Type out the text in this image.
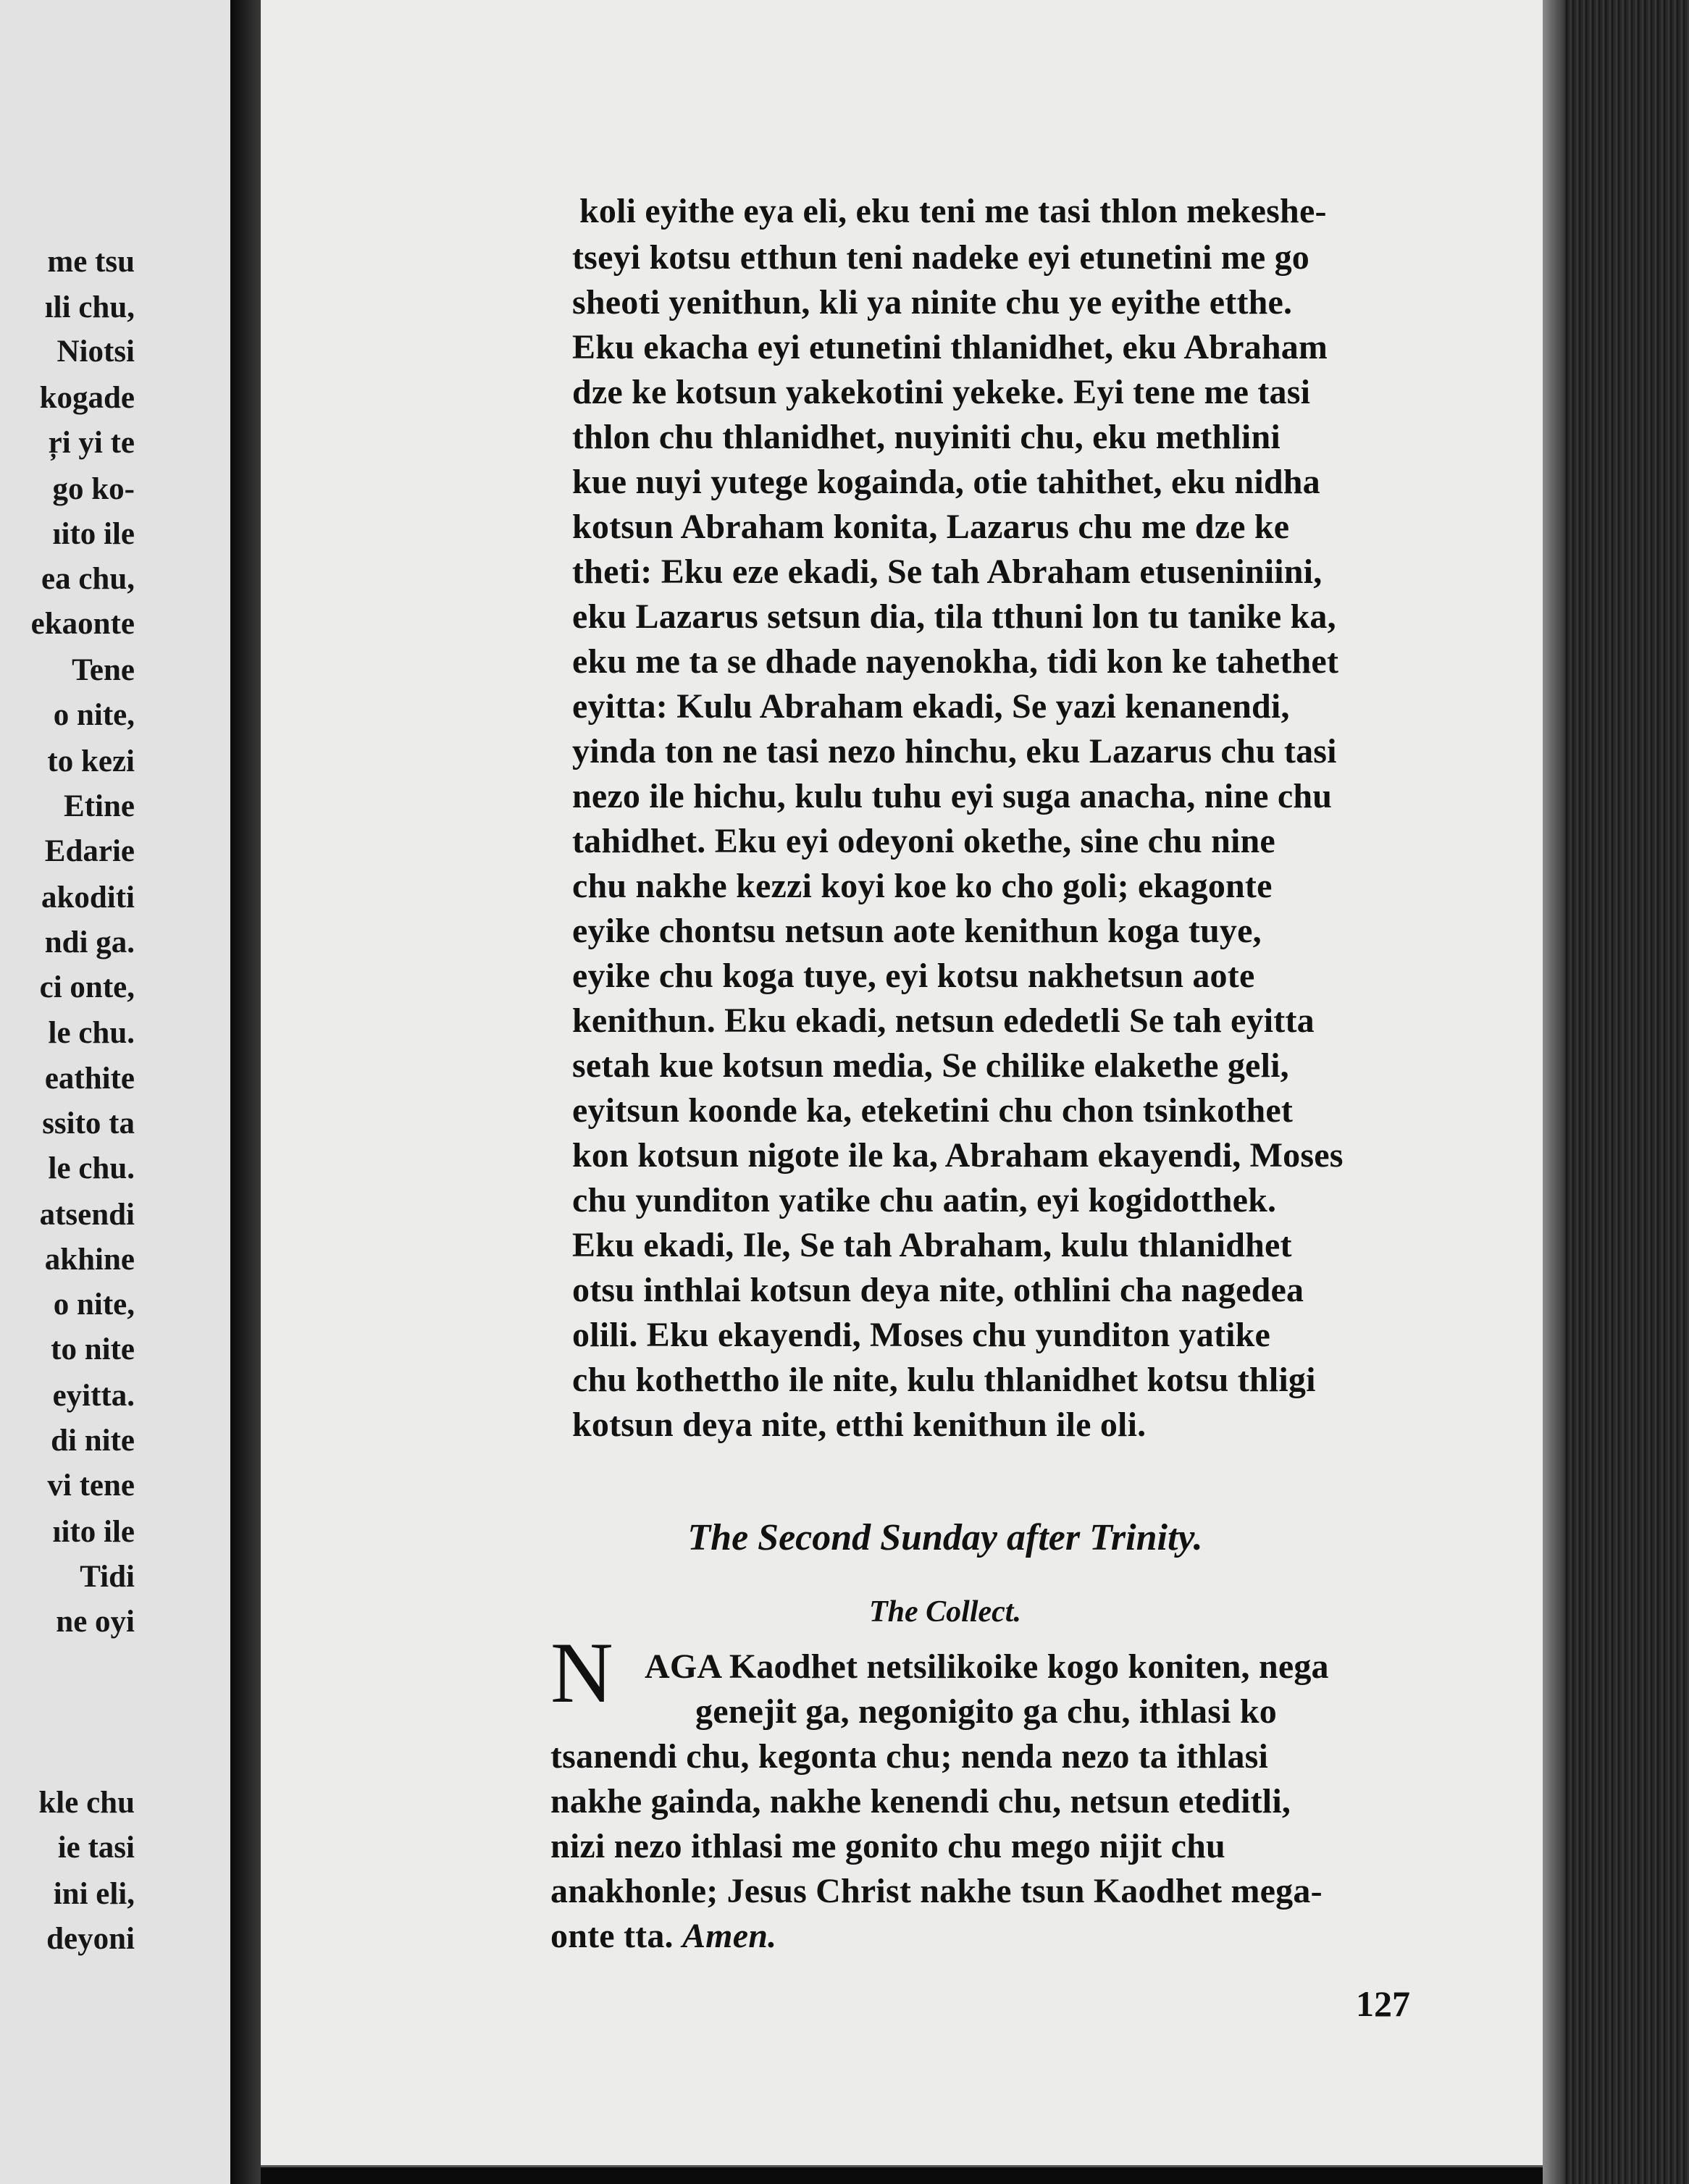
me tsu
ıli chu,
Niotsi
kogade
ŗi yi te
go ko-
ıito ile
ea chu,
ekaonte
Tene
o nite,
to kezi
Etine
Edarie
akoditi
ndi ga.
ci onte,
le chu.
eathite
ssito ta
le chu.
atsendi
akhine
o nite,
to nite
eyitta.
di nite
vi tene
ıito ile
Tidi
ne oyi
kle chu
ie tasi
ini eli,
deyoni
koli eyithe eya eli, eku teni me tasi thlon mekeshe-
tseyi kotsu etthun teni nadeke eyi etunetini me go
sheoti yenithun, kli ya ninite chu ye eyithe etthe.
Eku ekacha eyi etunetini thlanidhet, eku Abraham
dze ke kotsun yakekotini yekeke. Eyi tene me tasi
thlon chu thlanidhet, nuyiniti chu, eku methlini
kue nuyi yutege kogainda, otie tahithet, eku nidha
kotsun Abraham konita, Lazarus chu me dze ke
theti: Eku eze ekadi, Se tah Abraham etuseniniini,
eku Lazarus setsun dia, tila tthuni lon tu tanike ka,
eku me ta se dhade nayenokha, tidi kon ke tahethet
eyitta: Kulu Abraham ekadi, Se yazi kenanendi,
yinda ton ne tasi nezo hinchu, eku Lazarus chu tasi
nezo ile hichu, kulu tuhu eyi suga anacha, nine chu
tahidhet. Eku eyi odeyoni okethe, sine chu nine
chu nakhe kezzi koyi koe ko cho goli; ekagonte
eyike chontsu netsun aote kenithun koga tuye,
eyike chu koga tuye, eyi kotsu nakhetsun aote
kenithun. Eku ekadi, netsun ededetli Se tah eyitta
setah kue kotsun media, Se chilike elakethe geli,
eyitsun koonde ka, eteketini chu chon tsinkothet
kon kotsun nigote ile ka, Abraham ekayendi, Moses
chu yunditon yatike chu aatin, eyi kogidotthek.
Eku ekadi, Ile, Se tah Abraham, kulu thlanidhet
otsu inthlai kotsun deya nite, othlini cha nagedea
olili. Eku ekayendi, Moses chu yunditon yatike
chu kothettho ile nite, kulu thlanidhet kotsu thligi
kotsun deya nite, etthi kenithun ile oli.
The Second Sunday after Trinity.
The Collect.
N AGA Kaodhet netsilikoike kogo koniten, nega
genejit ga, negonigito ga chu, ithlasi ko
tsanendi chu, kegonta chu; nenda nezo ta ithlasi
nakhe gainda, nakhe kenendi chu, netsun eteditli,
nizi nezo ithlasi me gonito chu mego nijit chu
anakhonle; Jesus Christ nakhe tsun Kaodhet mega-
onte tta. Amen.
127
